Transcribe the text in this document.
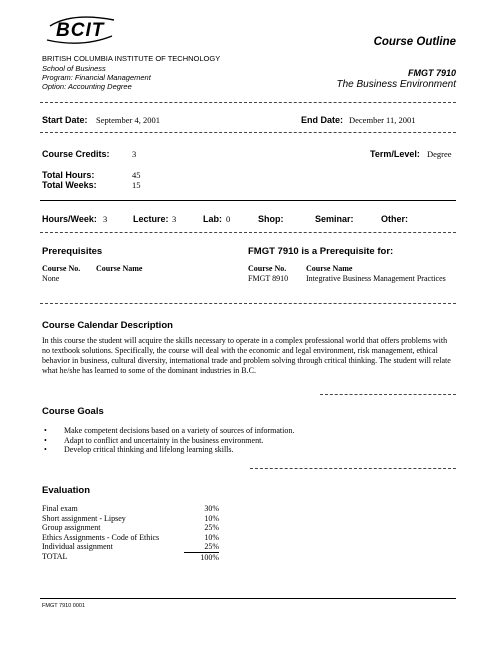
BCIT
BRITISH COLUMBIA INSTITUTE OF TECHNOLOGY
School of Business
Program: Financial Management
Option: Accounting Degree
Course Outline
FMGT 7910
The Business Environment
Start Date: September 4, 2001	End Date: December 11, 2001
Course Credits:	3	Term/Level: Degree
Total Hours:	45
Total Weeks:	15
Hours/Week: 3	Lecture: 3	Lab: 0	Shop:	Seminar:	Other:
Prerequisites
Course No. Course Name
None
FMGT 7910 is a Prerequisite for:
Course No. Course Name
FMGT 8910 Integrative Business Management Practices
Course Calendar Description
In this course the student will acquire the skills necessary to operate in a complex professional world that offers problems with no textbook solutions. Specifically, the course will deal with the economic and legal environment, risk management, ethical behavior in business, cultural diversity, international trade and problem solving through critical thinking. The student will relate what he/she has learned to some of the dominant industries in B.C.
Course Goals
• Make competent decisions based on a variety of sources of information.
• Adapt to conflict and uncertainty in the business environment.
• Develop critical thinking and lifelong learning skills.
Evaluation
Final exam	30%
Short assignment - Lipsey	10%
Group assignment	25%
Ethics Assignments - Code of Ethics	10%
Individual assignment	25%
TOTAL	100%
FMGT 7910 0001
